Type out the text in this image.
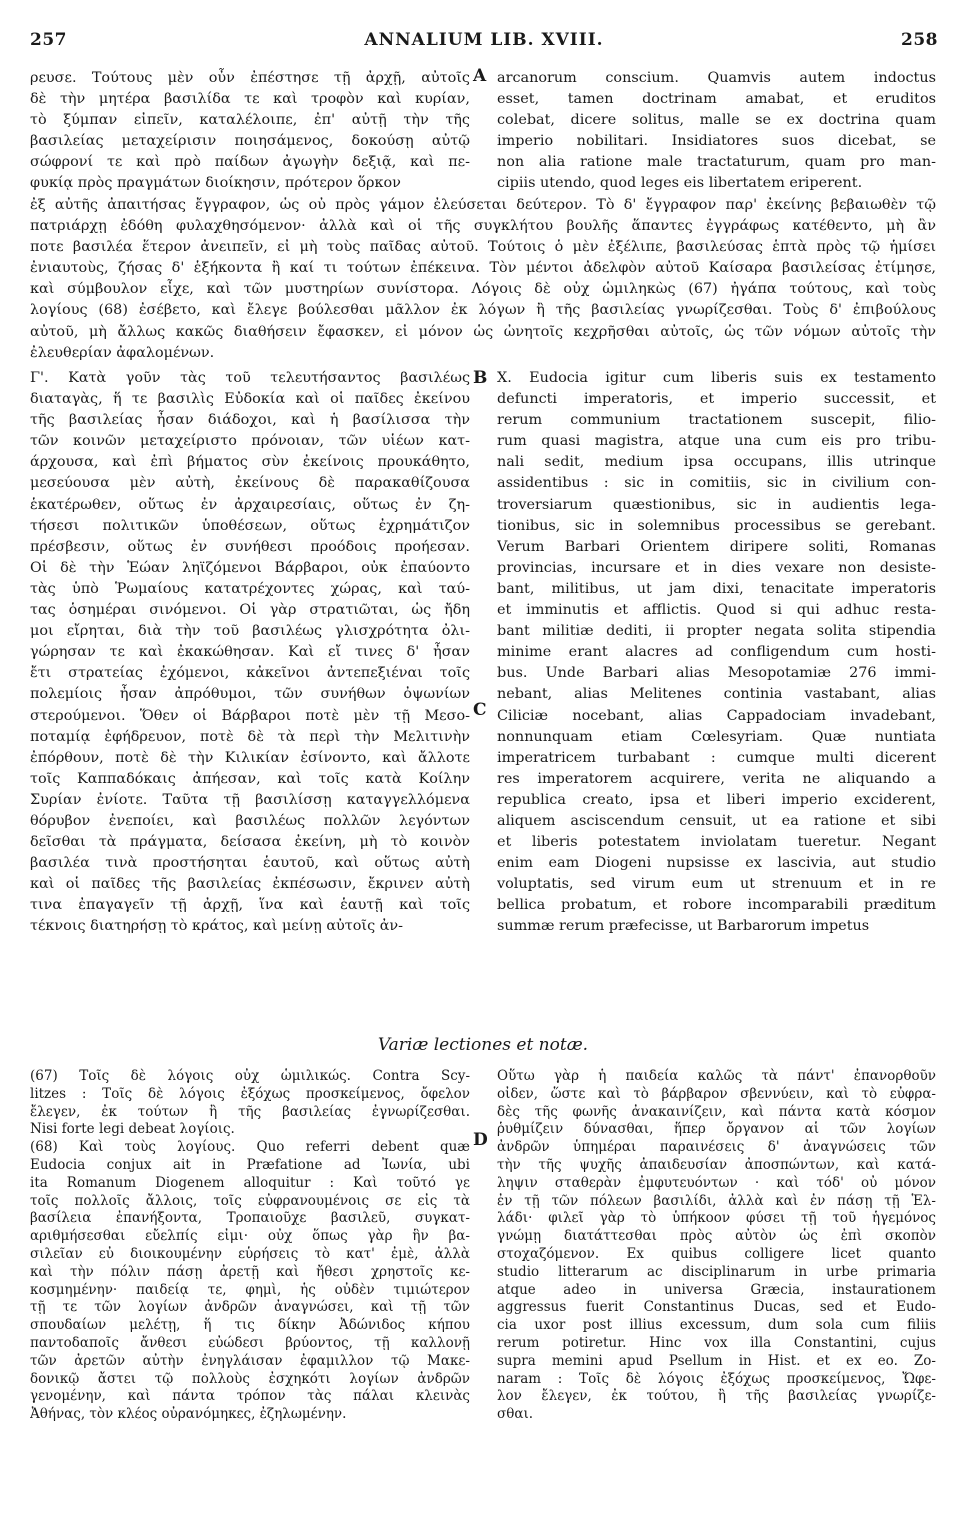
257	ANNALIUM LIB. XVIII.	258
ρευσε. Τούτους μὲν οὖν ἐπέστησε τῇ ἀρχῇ, αὐτοῖς
δὲ τὴν μητέρα βασιλίδα τε καὶ τροφὸν καὶ κυρίαν,
τὸ ξύμπαν εἰπεῖν, καταλέλοιπε, ἐπ' αὐτῇ τὴν τῆς
βασιλείας μεταχείρισιν ποιησάμενος, δοκούσῃ αὐτῷ
σώφρονί τε καὶ πρὸ παίδων ἀγωγὴν δεξιᾷ, καὶ πε-
φυκίᾳ πρὸς πραγμάτων διοίκησιν, πρότερον ὅρκον
A arcanorum conscium. Quamvis autem indoctus
esset, tamen doctrinam amabat, et eruditos
colebat, dicere solitus, malle se ex doctrina quam
imperio nobilitari. Insidiatores suos dicebat, se
non alia ratione male tractaturum, quam pro man-
cipiis utendo, quod leges eis libertatem eriperent.
ἐξ αὐτῆς ἀπαιτήσας ἔγγραφον, ὡς οὐ πρὸς γάμον ἐλεύσεται δεύτερον. Τὸ δ' ἔγγραφον παρ' ἐκείνης βεβαιωθὲν τῷ
πατριάρχῃ ἐδόθη φυλαχθησόμενον· ἀλλὰ καὶ οἱ τῆς συγκλήτου βουλῆς ἅπαντες ἐγγράφως κατέθεντο, μὴ ἂν
ποτε βασιλέα ἕτερον ἀνειπεῖν, εἰ μὴ τοὺς παῖδας αὐτοῦ. Τούτοις ὁ μὲν ἐξέλιπε, βασιλεύσας ἑπτὰ πρὸς τῷ ἡμίσει
ἐνιαυτοὺς, ζήσας δ' ἑξήκοντα ἢ καί τι τούτων ἐπέκεινα. Τὸν μέντοι ἀδελφὸν αὐτοῦ Καίσαρα βασιλείσας ἐτίμησε,
καὶ σύμβουλον εἶχε, καὶ τῶν μυστηρίων συνίστορα. Λόγοις δὲ οὐχ ὡμιληκὼς (67) ἠγάπα τούτους, καὶ τοὺς
λογίους (68) ἐσέβετο, καὶ ἔλεγε βούλεσθαι μᾶλλον ἐκ λόγων ἢ τῆς βασιλείας γνωρίζεσθαι. Τοὺς δ' ἐπιβούλους
αὐτοῦ, μὴ ἄλλως κακῶς διαθήσειν ἔφασκεν, εἰ μόνον ὡς ὠνητοῖς κεχρῆσθαι αὐτοῖς, ὡς τῶν νόμων αὐτοῖς τὴν
ἐλευθερίαν ἀφαλομένων.
Γ'. Κατὰ γοῦν τὰς τοῦ τελευτήσαντος βασιλέως
διαταγὰς, ἥ τε βασιλὶς Εὐδοκία καὶ οἱ παῖδες ἐκείνου
τῆς βασιλείας ἦσαν διάδοχοι, καὶ ἡ βασίλισσα τὴν
τῶν κοινῶν μεταχείριστο πρόνοιαν, τῶν υἱέων κατ-
άρχουσα, καὶ ἐπὶ βήματος σὺν ἐκείνοις προυκάθητο,
μεσεύουσα μὲν αὐτὴ, ἐκείνους δὲ παρακαθίζουσα
ἑκατέρωθεν, οὕτως ἐν ἀρχαιρεσίαις, οὕτως ἐν ζη-
τήσεσι πολιτικῶν ὑποθέσεων, οὕτως ἐχρημάτιζον
πρέσβεσιν, οὕτως ἐν συνήθεσι προόδοις προήεσαν.
Οἱ δὲ τὴν Ἑώαν ληϊζόμενοι Βάρβαροι, οὐκ ἐπαύοντο
τὰς ὑπὸ Ῥωμαίους κατατρέχοντες χώρας, καὶ ταύ-
τας ὁσημέραι σινόμενοι. Οἱ γὰρ στρατιῶται, ὡς ἤδη
μοι εἴρηται, διὰ τὴν τοῦ βασιλέως γλισχρότητα ὀλι-
γώρησαν τε καὶ ἐκακώθησαν. Καὶ εἴ τινες δ' ἦσαν
ἔτι στρατείας ἐχόμενοι, κἀκεῖνοι ἀντεπεξιέναι τοῖς
πολεμίοις ἦσαν ἀπρόθυμοι, τῶν συνήθων ὀψωνίων
στερούμενοι. Ὅθεν οἱ Βάρβαροι ποτὲ μὲν τῇ Μεσο-
ποταμίᾳ ἐφήδρευον, ποτὲ δὲ τὰ περὶ τὴν Μελιτινὴν
ἐπόρθουν, ποτὲ δὲ τὴν Κιλικίαν ἐσίνοντο, καὶ ἄλλοτε
τοῖς Καππαδόκαις ἀπήεσαν, καὶ τοῖς κατὰ Κοίλην
Συρίαν ἐνίοτε. Ταῦτα τῇ βασιλίσσῃ καταγγελλόμενα
θόρυβον ἐνεποίει, καὶ βασιλέως πολλῶν λεγόντων
δεῖσθαι τὰ πράγματα, δείσασα ἐκείνη, μὴ τὸ κοινὸν
βασιλέα τινὰ προστήσηται ἑαυτοῦ, καὶ οὕτως αὐτὴ
καὶ οἱ παῖδες τῆς βασιλείας ἐκπέσωσιν, ἔκρινεν αὐτὴ
τινα ἐπαγαγεῖν τῇ ἀρχῇ, ἵνα καὶ ἑαυτῇ καὶ τοῖς
τέκνοις διατηρήσῃ τὸ κράτος, καὶ μείνῃ αὐτοῖς ἀν-
B
C
X. Eudocia igitur cum liberis suis ex testamento
defuncti imperatoris, et imperio successit, et
rerum communium tractationem suscepit, filio-
rum quasi magistra, atque una cum eis pro tribu-
nali sedit, medium ipsa occupans, illis utrinque
assidentibus : sic in comitiis, sic in civilium con-
troversiarum quæstionibus, sic in audientis lega-
tionibus, sic in solemnibus processibus se gerebant.
Verum Barbari Orientem diripere soliti, Romanas
provincias, incursare et in dies vexare non desiste-
bant, militibus, ut jam dixi, tenacitate imperatoris
et imminutis et afflictis. Quod si qui adhuc resta-
bant militiæ dediti, ii propter negata solita stipendia
minime erant alacres ad confligendum cum hosti-
bus. Unde Barbari alias Mesopotamiæ 276 immi-
nebant, alias Melitenes continia vastabant, alias
Ciliciæ nocebant, alias Cappadociam invadebant,
nonnunquam etiam Cœlesyriam. Quæ nuntiata
imperatricem turbabant : cumque multi dicerent
res imperatorem acquirere, verita ne aliquando a
republica creato, ipsa et liberi imperio exciderent,
aliquem asciscendum censuit, ut ea ratione et sibi
et liberis potestatem inviolatam tueretur. Negant
enim eam Diogeni nupsisse ex lascivia, aut studio
voluptatis, sed virum eum ut strenuum et in re
bellica probatum, et robore incomparabili præditum
summæ rerum præfecisse, ut Barbarorum impetus
Variæ lectiones et notæ.
(67) Τοῖς δὲ λόγοις οὐχ ὡμιλικώς. Contra Scy-
litzes : Τοῖς δὲ λόγοις ἐξόχως προσκείμενος, ὄφελον
ἔλεγεν, ἐκ τούτων ἢ τῆς βασιλείας ἐγνωρίζεσθαι.
Nisi forte legi debeat λογίοις.
(68) Καὶ τοὺς λογίους. Quo referri debent quæ
Eudocia conjux ait in Præfatione ad Ἰωνία, ubi
ita Romanum Diogenem alloquitur : Καὶ τοῦτό γε
τοῖς πολλοῖς ἄλλοις, τοῖς εὐφρανουμένοις σε εἰς τὰ
βασίλεια ἐπανήξοντα, Τροπαιοῦχε βασιλεῦ, συγκατ-
αριθμήσεσθαι εὔελπίς εἰμι· οὐχ ὅπως γὰρ ἣν βα-
σιλεῖαν εὖ διοικουμένην εὑρήσεις τὸ κατ' ἐμὲ, ἀλλὰ
καὶ τὴν πόλιν πάσῃ ἀρετῇ καὶ ἤθεσι χρηστοῖς κε-
κοσμημένην· παιδείᾳ τε, φημὶ, ἧς οὐδὲν τιμιώτερον
τῇ τε τῶν λογίων ἀνδρῶν ἀναγνώσει, καὶ τῇ τῶν
σπουδαίων μελέτῃ, ἥ τις δίκην Ἀδώνιδος κήπου
παντοδαποῖς ἄνθεσι εὐώδεσι βρύοντος, τῇ καλλονῇ
τῶν ἀρετῶν αὐτὴν ἐνηγλάισαν ἐφαμιλλον τῷ Μακε-
δονικῷ ἄστει τῷ πολλοὺς ἐσχηκότι λογίων ἀνδρῶν
γενομένην, καὶ πάντα τρόπον τὰς πάλαι κλεινὰς
Ἀθήνας, τὸν κλέος οὐρανόμηκες, ἐζηλωμένην.
D
Οὕτω γὰρ ἡ παιδεία καλῶς τὰ πάντ' ἐπανορθοῦν
οἶδεν, ὥστε καὶ τὸ βάρβαρον σβεννύειν, καὶ τὸ εὐφρα-
δὲς τῆς φωνῆς ἀνακαινίζειν, καὶ πάντα κατὰ κόσμον
ῥυθμίζειν δύνασθαι, ἥπερ ὄργανον αἱ τῶν λογίων
ἀνδρῶν ὑπημέραι παραινέσεις δ' ἀναγνώσεις τῶν
τὴν τῆς ψυχῆς ἀπαιδευσίαν ἀποσπώντων, καὶ κατά-
ληψιν σταθερὰν ἐμφυτευόντων · καὶ τόδ' οὐ μόνον
ἐν τῇ τῶν πόλεων βασιλίδι, ἀλλὰ καὶ ἐν πάσῃ τῇ Ἑλ-
λάδι· φιλεῖ γὰρ τὸ ὑπήκοον φύσει τῇ τοῦ ἡγεμόνος
γνώμῃ διατάττεσθαι πρὸς αὐτὸν ὡς ἐπὶ σκοπὸν
στοχαζόμενον. Ex quibus colligere licet quanto
studio litterarum ac disciplinarum in urbe primaria
atque adeo in universa Græcia, instaurationem
aggressus fuerit Constantinus Ducas, sed et Eudo-
cia uxor post illius excessum, dum sola cum filiis
rerum potiretur. Hinc vox illa Constantini, cujus
supra memini apud Psellum in Hist. et ex eo. Zo-
naram : Τοῖς δὲ λόγοις ἐξόχως προσκείμενος, Ὤφε-
λον ἔλεγεν, ἐκ τούτου, ἢ τῆς βασιλείας γνωρίζε-
σθαι.
